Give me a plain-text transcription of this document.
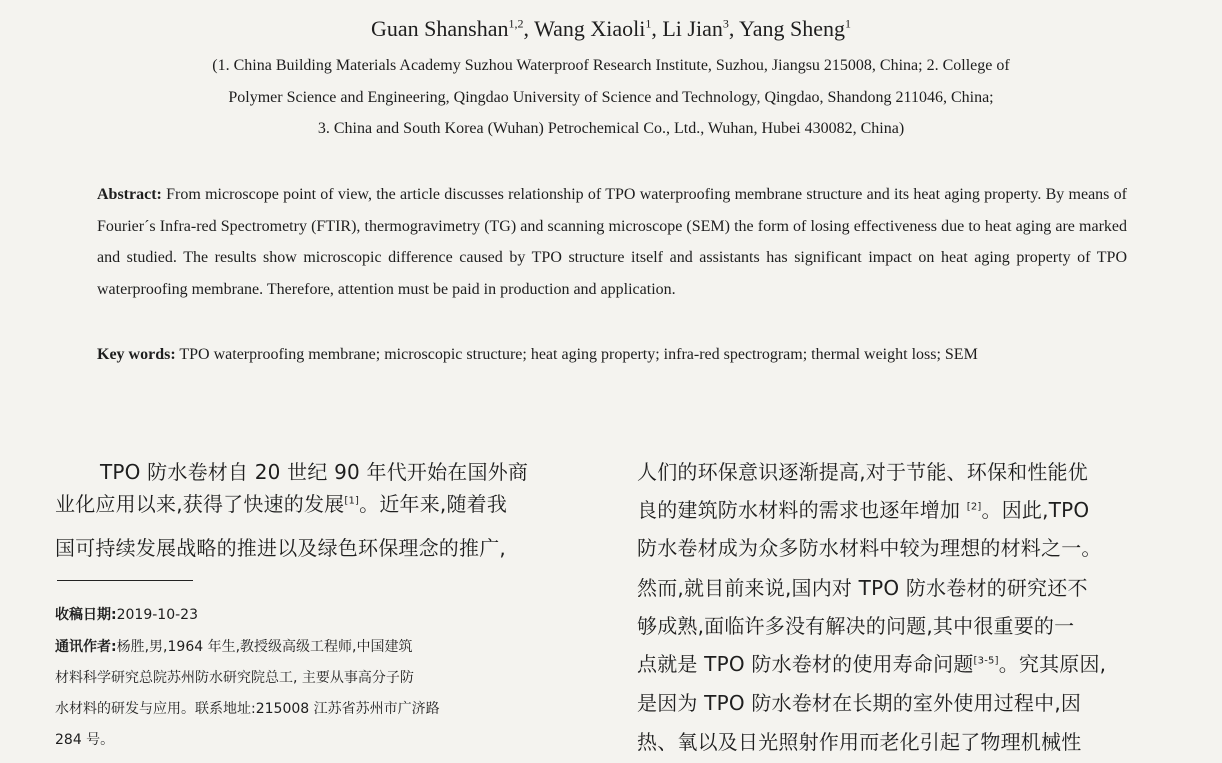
Guan Shanshan$^{1,2}$, Wang Xiaoli$^1$, Li Jian$^3$, Yang Sheng$^1$
(1. China Building Materials Academy Suzhou Waterproof Research Institute, Suzhou, Jiangsu 215008, China; 2. College of
Polymer Science and Engineering, Qingdao University of Science and Technology, Qingdao, Shandong 211046, China;
3. China and South Korea (Wuhan) Petrochemical Co., Ltd., Wuhan, Hubei 430082, China)
Abstract: From microscope point of view, the article discusses relationship of TPO waterproofing membrane structure and its heat aging property. By means of Fourier´s Infra-red Spectrometry (FTIR), thermogravimetry (TG) and scanning microscope (SEM) the form of losing effectiveness due to heat aging are marked and studied. The results show microscopic difference caused by TPO structure itself and assistants has significant impact on heat aging property of TPO waterproofing membrane. Therefore, attention must be paid in production and application.
Key words: TPO waterproofing membrane; microscopic structure; heat aging property; infra-red spectrogram; thermal weight loss; SEM
TPO 防水卷材自 20 世纪 90 年代开始在国外商
业化应用以来,获得了快速的发展[1]。近年来,随着我
国可持续发展战略的推进以及绿色环保理念的推广,
收稿日期:2019-10-23
通讯作者:杨胜,男,1964 年生,教授级高级工程师,中国建筑
材料科学研究总院苏州防水研究院总工, 主要从事高分子防
水材料的研发与应用。联系地址:215008 江苏省苏州市广济路
284 号。
人们的环保意识逐渐提高,对于节能、环保和性能优
良的建筑防水材料的需求也逐年增加 [2]。因此,TPO
防水卷材成为众多防水材料中较为理想的材料之一。
然而,就目前来说,国内对 TPO 防水卷材的研究还不
够成熟,面临许多没有解决的问题,其中很重要的一
点就是 TPO 防水卷材的使用寿命问题[3-5]。究其原因,
是因为 TPO 防水卷材在长期的室外使用过程中,因
热、氧以及日光照射作用而老化引起了物理机械性
